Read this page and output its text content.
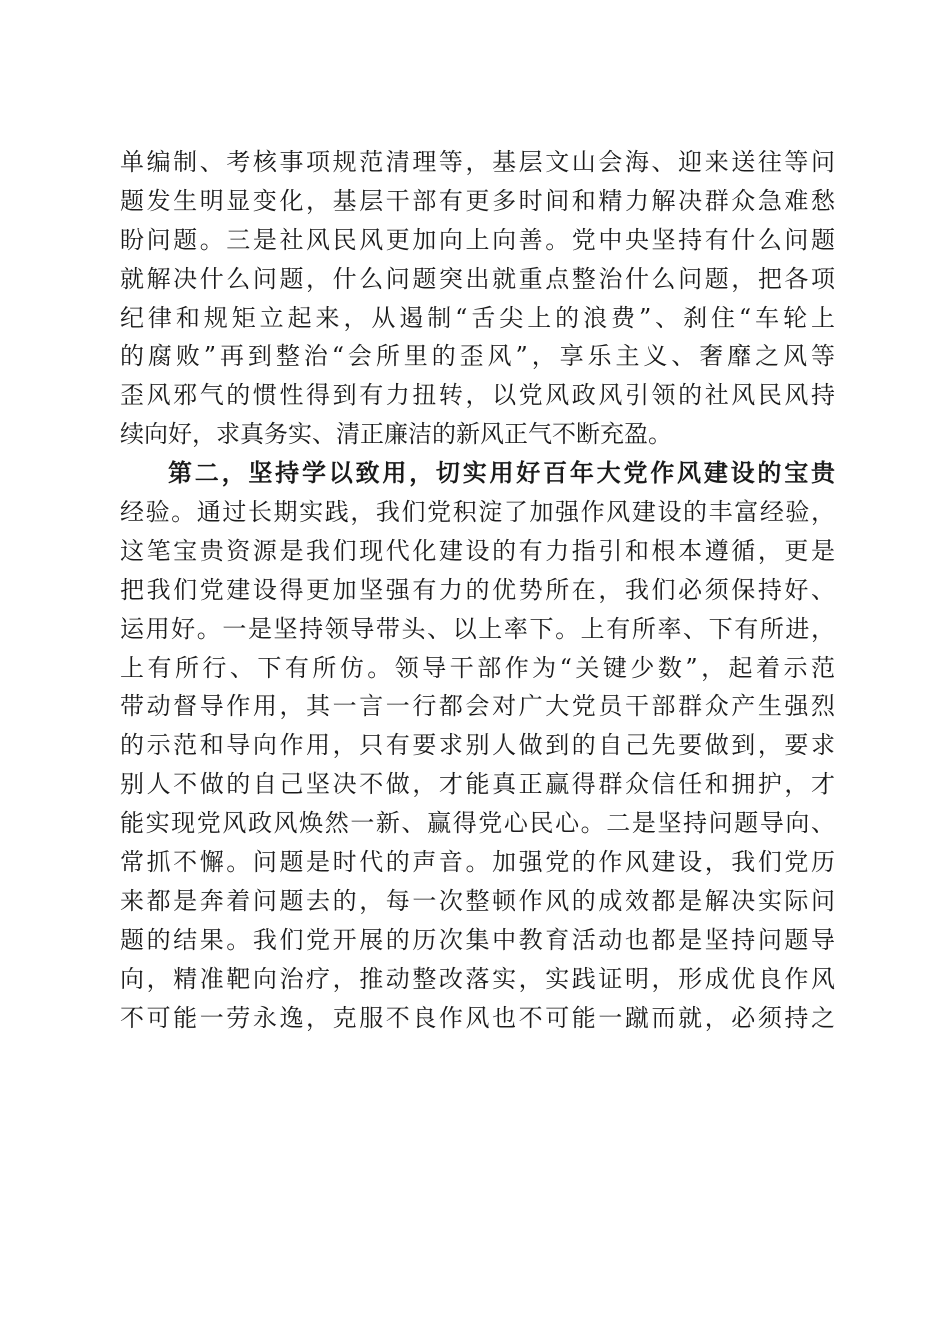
单编制、考核事项规范清理等，基层文山会海、迎来送往等问
题发生明显变化，基层干部有更多时间和精力解决群众急难愁
盼问题。三是社风民风更加向上向善。党中央坚持有什么问题
就解决什么问题，什么问题突出就重点整治什么问题，把各项
纪律和规矩立起来，从遏制“舌尖上的浪费”、刹住“车轮上
的腐败”再到整治“会所里的歪风”，享乐主义、奢靡之风等
歪风邪气的惯性得到有力扭转，以党风政风引领的社风民风持
续向好，求真务实、清正廉洁的新风正气不断充盈。
第二，坚持学以致用，切实用好百年大党作风建设的宝贵
经验。通过长期实践，我们党积淀了加强作风建设的丰富经验，
这笔宝贵资源是我们现代化建设的有力指引和根本遵循，更是
把我们党建设得更加坚强有力的优势所在，我们必须保持好、
运用好。一是坚持领导带头、以上率下。上有所率、下有所进，
上有所行、下有所仿。领导干部作为“关键少数”，起着示范
带动督导作用，其一言一行都会对广大党员干部群众产生强烈
的示范和导向作用，只有要求别人做到的自己先要做到，要求
别人不做的自己坚决不做，才能真正赢得群众信任和拥护，才
能实现党风政风焕然一新、赢得党心民心。二是坚持问题导向、
常抓不懈。问题是时代的声音。加强党的作风建设，我们党历
来都是奔着问题去的，每一次整顿作风的成效都是解决实际问
题的结果。我们党开展的历次集中教育活动也都是坚持问题导
向，精准靶向治疗，推动整改落实，实践证明，形成优良作风
不可能一劳永逸，克服不良作风也不可能一蹴而就，必须持之
